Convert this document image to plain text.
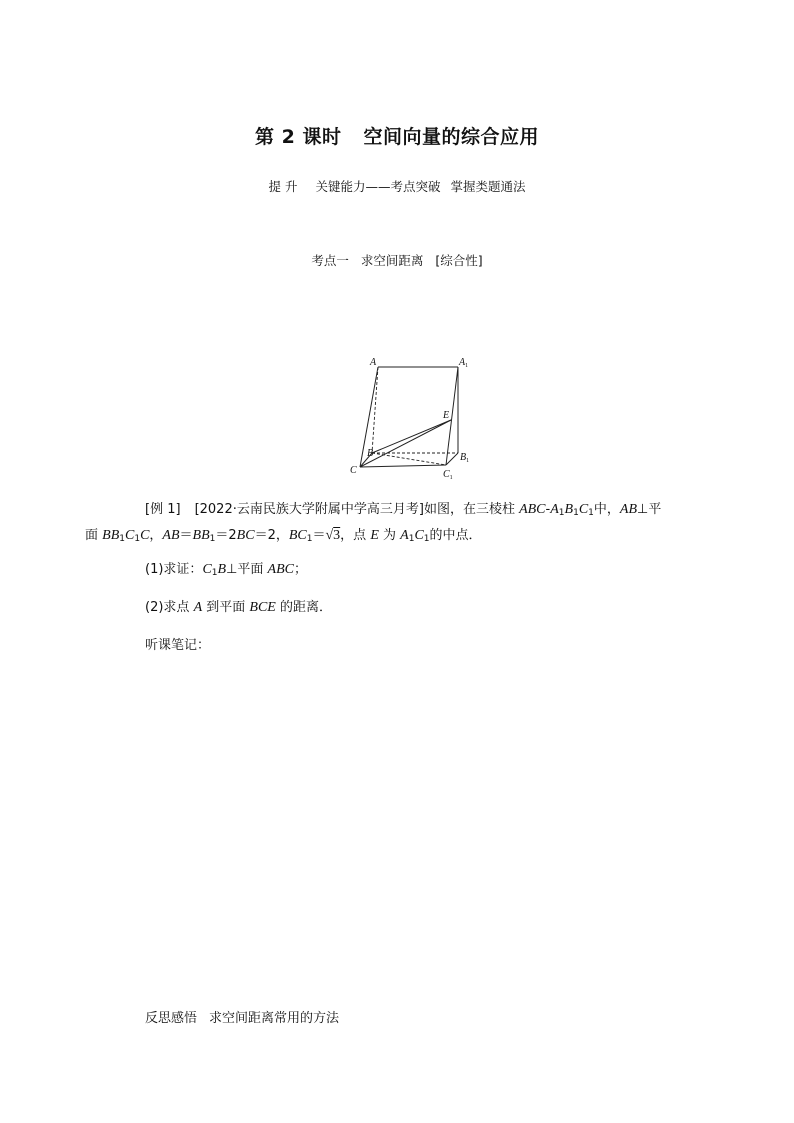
第 2 课时 空间向量的综合应用
提 升 关键能力——考点突破 掌握类题通法
考点一 求空间距离 [综合性]
A	$A_1$
E
B	$B_1$
C	$C_1$
[例 1] [2022·云南民族大学附属中学高三月考]如图，在三棱柱 ABC-$A_1B_1C_1$中，AB⊥平
面 $BB_1C_1C$，$AB=BB_1=2BC=2$，$BC_1=√3$，点 E 为 $A_1C_1$的中点．
(1)求证：$C_1B\perp$平面 ABC；
(2)求点 A 到平面 BCE 的距离．
听课笔记：
反思感悟 求空间距离常用的方法
